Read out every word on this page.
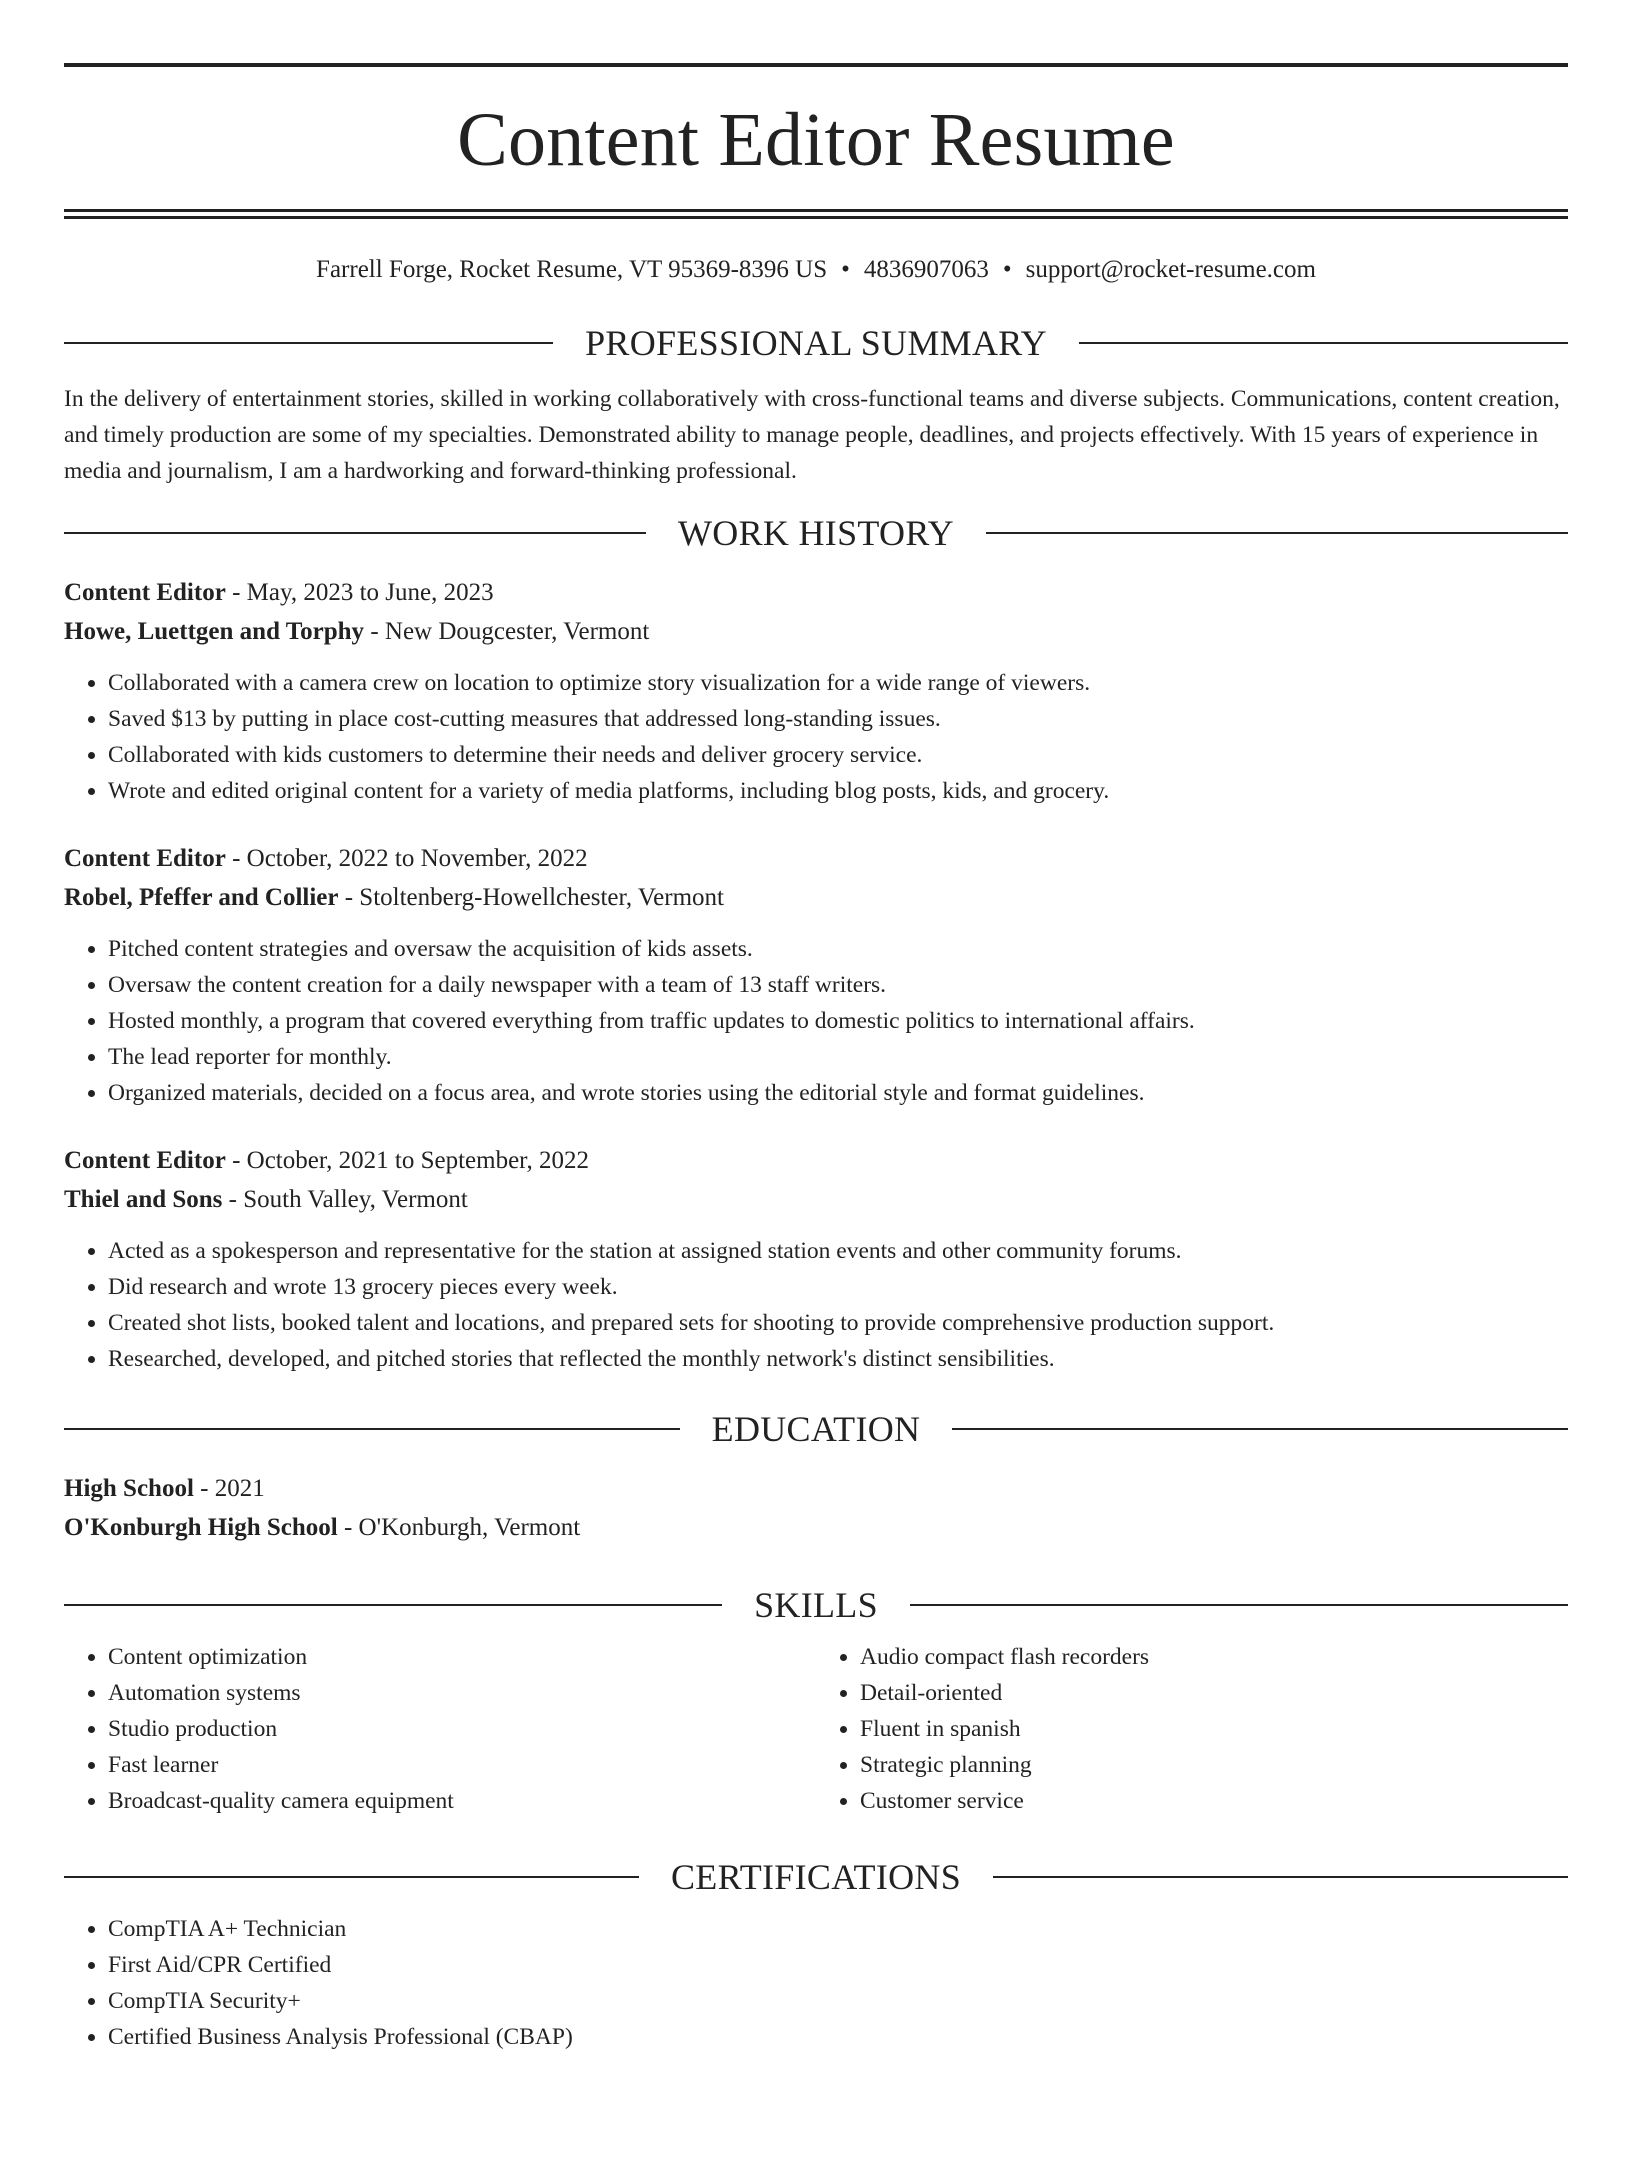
Content Editor Resume
Farrell Forge, Rocket Resume, VT 95369-8396 US • 4836907063 • support@rocket-resume.com
PROFESSIONAL SUMMARY
In the delivery of entertainment stories, skilled in working collaboratively with cross-functional teams and diverse subjects. Communications, content creation, and timely production are some of my specialties. Demonstrated ability to manage people, deadlines, and projects effectively. With 15 years of experience in media and journalism, I am a hardworking and forward-thinking professional.
WORK HISTORY
Content Editor - May, 2023 to June, 2023
Howe, Luettgen and Torphy - New Dougcester, Vermont
• Collaborated with a camera crew on location to optimize story visualization for a wide range of viewers.
• Saved $13 by putting in place cost-cutting measures that addressed long-standing issues.
• Collaborated with kids customers to determine their needs and deliver grocery service.
• Wrote and edited original content for a variety of media platforms, including blog posts, kids, and grocery.
Content Editor - October, 2022 to November, 2022
Robel, Pfeffer and Collier - Stoltenberg-Howellchester, Vermont
• Pitched content strategies and oversaw the acquisition of kids assets.
• Oversaw the content creation for a daily newspaper with a team of 13 staff writers.
• Hosted monthly, a program that covered everything from traffic updates to domestic politics to international affairs.
• The lead reporter for monthly.
• Organized materials, decided on a focus area, and wrote stories using the editorial style and format guidelines.
Content Editor - October, 2021 to September, 2022
Thiel and Sons - South Valley, Vermont
• Acted as a spokesperson and representative for the station at assigned station events and other community forums.
• Did research and wrote 13 grocery pieces every week.
• Created shot lists, booked talent and locations, and prepared sets for shooting to provide comprehensive production support.
• Researched, developed, and pitched stories that reflected the monthly network's distinct sensibilities.
EDUCATION
High School - 2021
O'Konburgh High School - O'Konburgh, Vermont
SKILLS
• Content optimization
• Automation systems
• Studio production
• Fast learner
• Broadcast-quality camera equipment
• Audio compact flash recorders
• Detail-oriented
• Fluent in spanish
• Strategic planning
• Customer service
CERTIFICATIONS
• CompTIA A+ Technician
• First Aid/CPR Certified
• CompTIA Security+
• Certified Business Analysis Professional (CBAP)
